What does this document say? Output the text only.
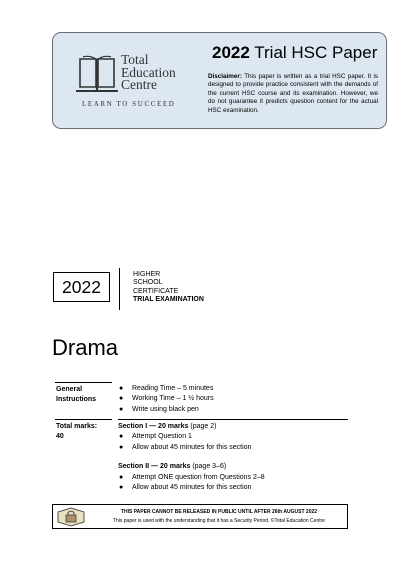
Total
Education
Centre
LEARN TO SUCCEED
2022 Trial HSC Paper
Disclaimer: This paper is written as a trial HSC paper. It is designed to provide practice consistent with the demands of the current HSC course and its examination. However, we do not guarantee it predicts question content for the actual HSC examination.
2022
HIGHER
SCHOOL
CERTIFICATE
TRIAL EXAMINATION
Drama
General
Instructions
● Reading Time – 5 minutes
● Working Time – 1 ½ hours
● Write using black pen
Total marks:
40
Section I — 20 marks (page 2)
● Attempt Question 1
● Allow about 45 minutes for this section
Section II — 20 marks (page 3–6)
● Attempt ONE question from Questions 2–8
● Allow about 45 minutes for this section
THIS PAPER CANNOT BE RELEASED IN PUBLIC UNTIL AFTER 26th AUGUST 2022
This paper is used with the understanding that it has a Security Period. ©Total Education Centre
